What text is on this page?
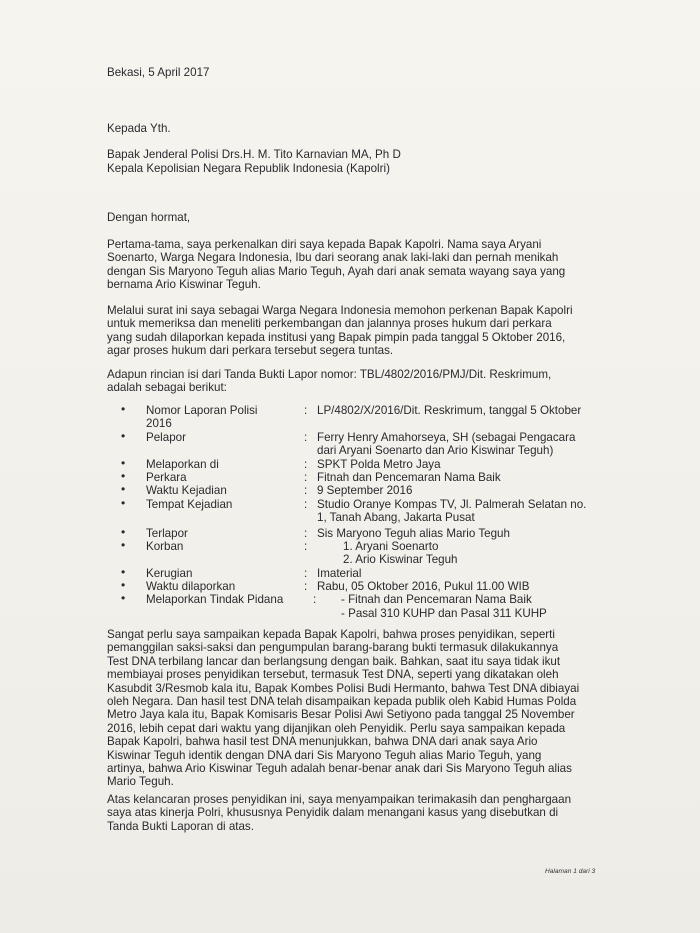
Bekasi, 5 April 2017

Kepada Yth.

Bapak Jenderal Polisi Drs.H. M. Tito Karnavian MA, Ph D

Kepala Kepolisian Negara Republik Indonesia (Kapolri)

Dengan hormat,

Pertama-tama, saya perkenalkan diri saya kepada Bapak Kapolri. Nama saya Aryani
Soenarto, Warga Negara Indonesia, Ibu dari seorang anak laki-laki dan pernah menikah
dengan Sis Maryono Teguh alias Mario Teguh, Ayah dari anak semata wayang saya yang
bernama Ario Kiswinar Teguh.

Melalui surat ini saya sebagai Warga Negara Indonesia memohon perkenan Bapak Kapolri
untuk memeriksa dan meneliti perkembangan dan jalannya proses hukum dari perkara
yang sudah dilaporkan kepada institusi yang Bapak pimpin pada tanggal 5 Oktober 2016,
agar proses hukum dari perkara tersebut segera tuntas.

Adapun rincian isi dari Tanda Bukti Lapor nomor: TBL/4802/2016/PMJ/Dit. Reskrimum,
adalah sebagai berikut:

• Nomor Laporan Polisi	: LP/4802/X/2016/Dit. Reskrimum, tanggal 5 Oktober
2016
• Pelapor	: Ferry Henry Amahorseya, SH (sebagai Pengacara
dari Aryani Soenarto dan Ario Kiswinar Teguh)
• Melaporkan di	: SPKT Polda Metro Jaya
• Perkara	: Fitnah dan Pencemaran Nama Baik
• Waktu Kejadian	: 9 September 2016
• Tempat Kejadian	: Studio Oranye Kompas TV, Jl. Palmerah Selatan no.
1, Tanah Abang, Jakarta Pusat
• Terlapor	: Sis Maryono Teguh alias Mario Teguh
• Korban	:	1. Aryani Soenarto
2. Ario Kiswinar Teguh
• Kerugian	: Imaterial
• Waktu dilaporkan	: Rabu, 05 Oktober 2016, Pukul 11.00 WIB
• Melaporkan Tindak Pidana	: - Fitnah dan Pencemaran Nama Baik
- Pasal 310 KUHP dan Pasal 311 KUHP

Sangat perlu saya sampaikan kepada Bapak Kapolri, bahwa proses penyidikan, seperti
pemanggilan saksi-saksi dan pengumpulan barang-barang bukti termasuk dilakukannya
Test DNA terbilang lancar dan berlangsung dengan baik. Bahkan, saat itu saya tidak ikut
membiayai proses penyidikan tersebut, termasuk Test DNA, seperti yang dikatakan oleh
Kasubdit 3/Resmob kala itu, Bapak Kombes Polisi Budi Hermanto, bahwa Test DNA dibiayai
oleh Negara. Dan hasil test DNA telah disampaikan kepada publik oleh Kabid Humas Polda
Metro Jaya kala itu, Bapak Komisaris Besar Polisi Awi Setiyono pada tanggal 25 November
2016, lebih cepat dari waktu yang dijanjikan oleh Penyidik. Perlu saya sampaikan kepada
Bapak Kapolri, bahwa hasil test DNA menunjukkan, bahwa DNA dari anak saya Ario
Kiswinar Teguh identik dengan DNA dari Sis Maryono Teguh alias Mario Teguh, yang
artinya, bahwa Ario Kiswinar Teguh adalah benar-benar anak dari Sis Maryono Teguh alias
Mario Teguh.

Atas kelancaran proses penyidikan ini, saya menyampaikan terimakasih dan penghargaan
saya atas kinerja Polri, khususnya Penyidik dalam menangani kasus yang disebutkan di
Tanda Bukti Laporan di atas.

Halaman 1 dari 3
